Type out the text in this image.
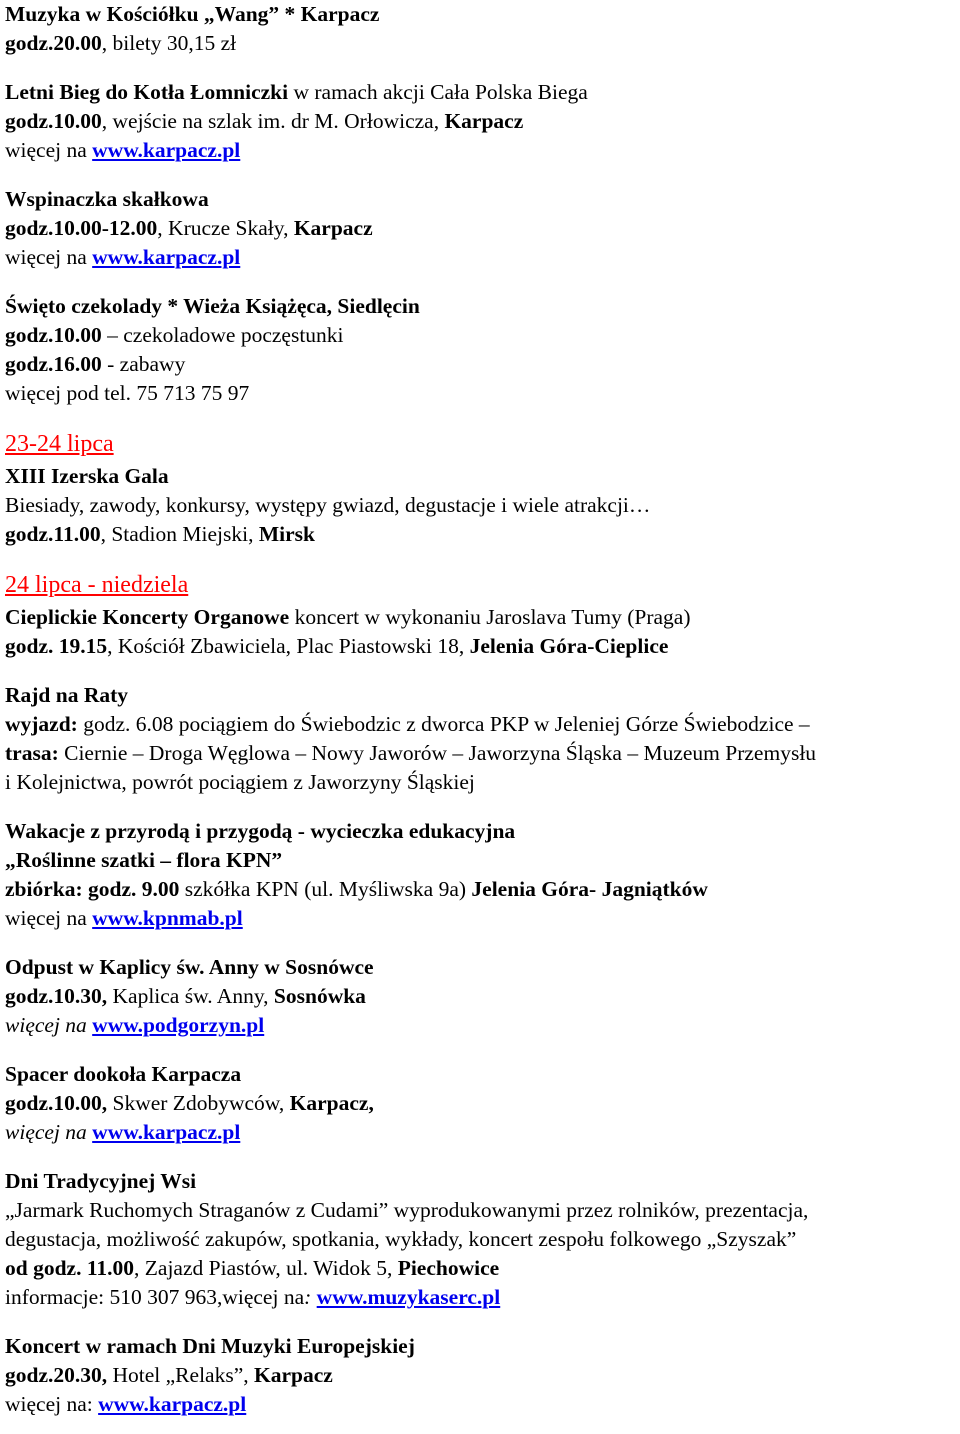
Muzyka w Kościółku „Wang” * Karpacz
godz.20.00, bilety 30,15 zł
Letni Bieg do Kotła Łomniczki w ramach akcji Cała Polska Biega
godz.10.00, wejście na szlak im. dr M. Orłowicza, Karpacz
więcej na www.karpacz.pl
Wspinaczka skałkowa
godz.10.00-12.00, Krucze Skały, Karpacz
więcej na www.karpacz.pl
Święto czekolady * Wieża Książęca, Siedlęcin
godz.10.00 – czekoladowe poczęstunki
godz.16.00 - zabawy
więcej pod tel. 75 713 75 97
23-24 lipca
XIII Izerska Gala
Biesiady, zawody, konkursy, występy gwiazd, degustacje i wiele atrakcji…
godz.11.00, Stadion Miejski, Mirsk
24 lipca - niedziela
Cieplickie Koncerty Organowe koncert w wykonaniu Jaroslava Tumy (Praga)
godz. 19.15, Kościół Zbawiciela, Plac Piastowski 18, Jelenia Góra-Cieplice
Rajd na Raty
wyjazd: godz. 6.08 pociągiem do Świebodzic z dworca PKP w Jeleniej Górze Świebodzice –
trasa: Ciernie – Droga Węglowa – Nowy Jaworów – Jaworzyna Śląska – Muzeum Przemysłu
i Kolejnictwa, powrót pociągiem z Jaworzyny Śląskiej
Wakacje z przyrodą i przygodą - wycieczka edukacyjna
„Roślinne szatki – flora KPN”
zbiórka: godz. 9.00 szkółka KPN (ul. Myśliwska 9a) Jelenia Góra- Jagniątków
więcej na www.kpnmab.pl
Odpust w Kaplicy św. Anny w Sosnówce
godz.10.30, Kaplica św. Anny, Sosnówka
więcej na www.podgorzyn.pl
Spacer dookoła Karpacza
godz.10.00, Skwer Zdobywców, Karpacz,
więcej na www.karpacz.pl
Dni Tradycyjnej Wsi
„Jarmark Ruchomych Straganów z Cudami” wyprodukowanymi przez rolników, prezentacja,
degustacja, możliwość zakupów, spotkania, wykłady, koncert zespołu folkowego „Szyszak”
od godz. 11.00, Zajazd Piastów, ul. Widok 5, Piechowice
informacje: 510 307 963,więcej na: www.muzykaserc.pl
Koncert w ramach Dni Muzyki Europejskiej
godz.20.30, Hotel „Relaks”, Karpacz
więcej na: www.karpacz.pl
